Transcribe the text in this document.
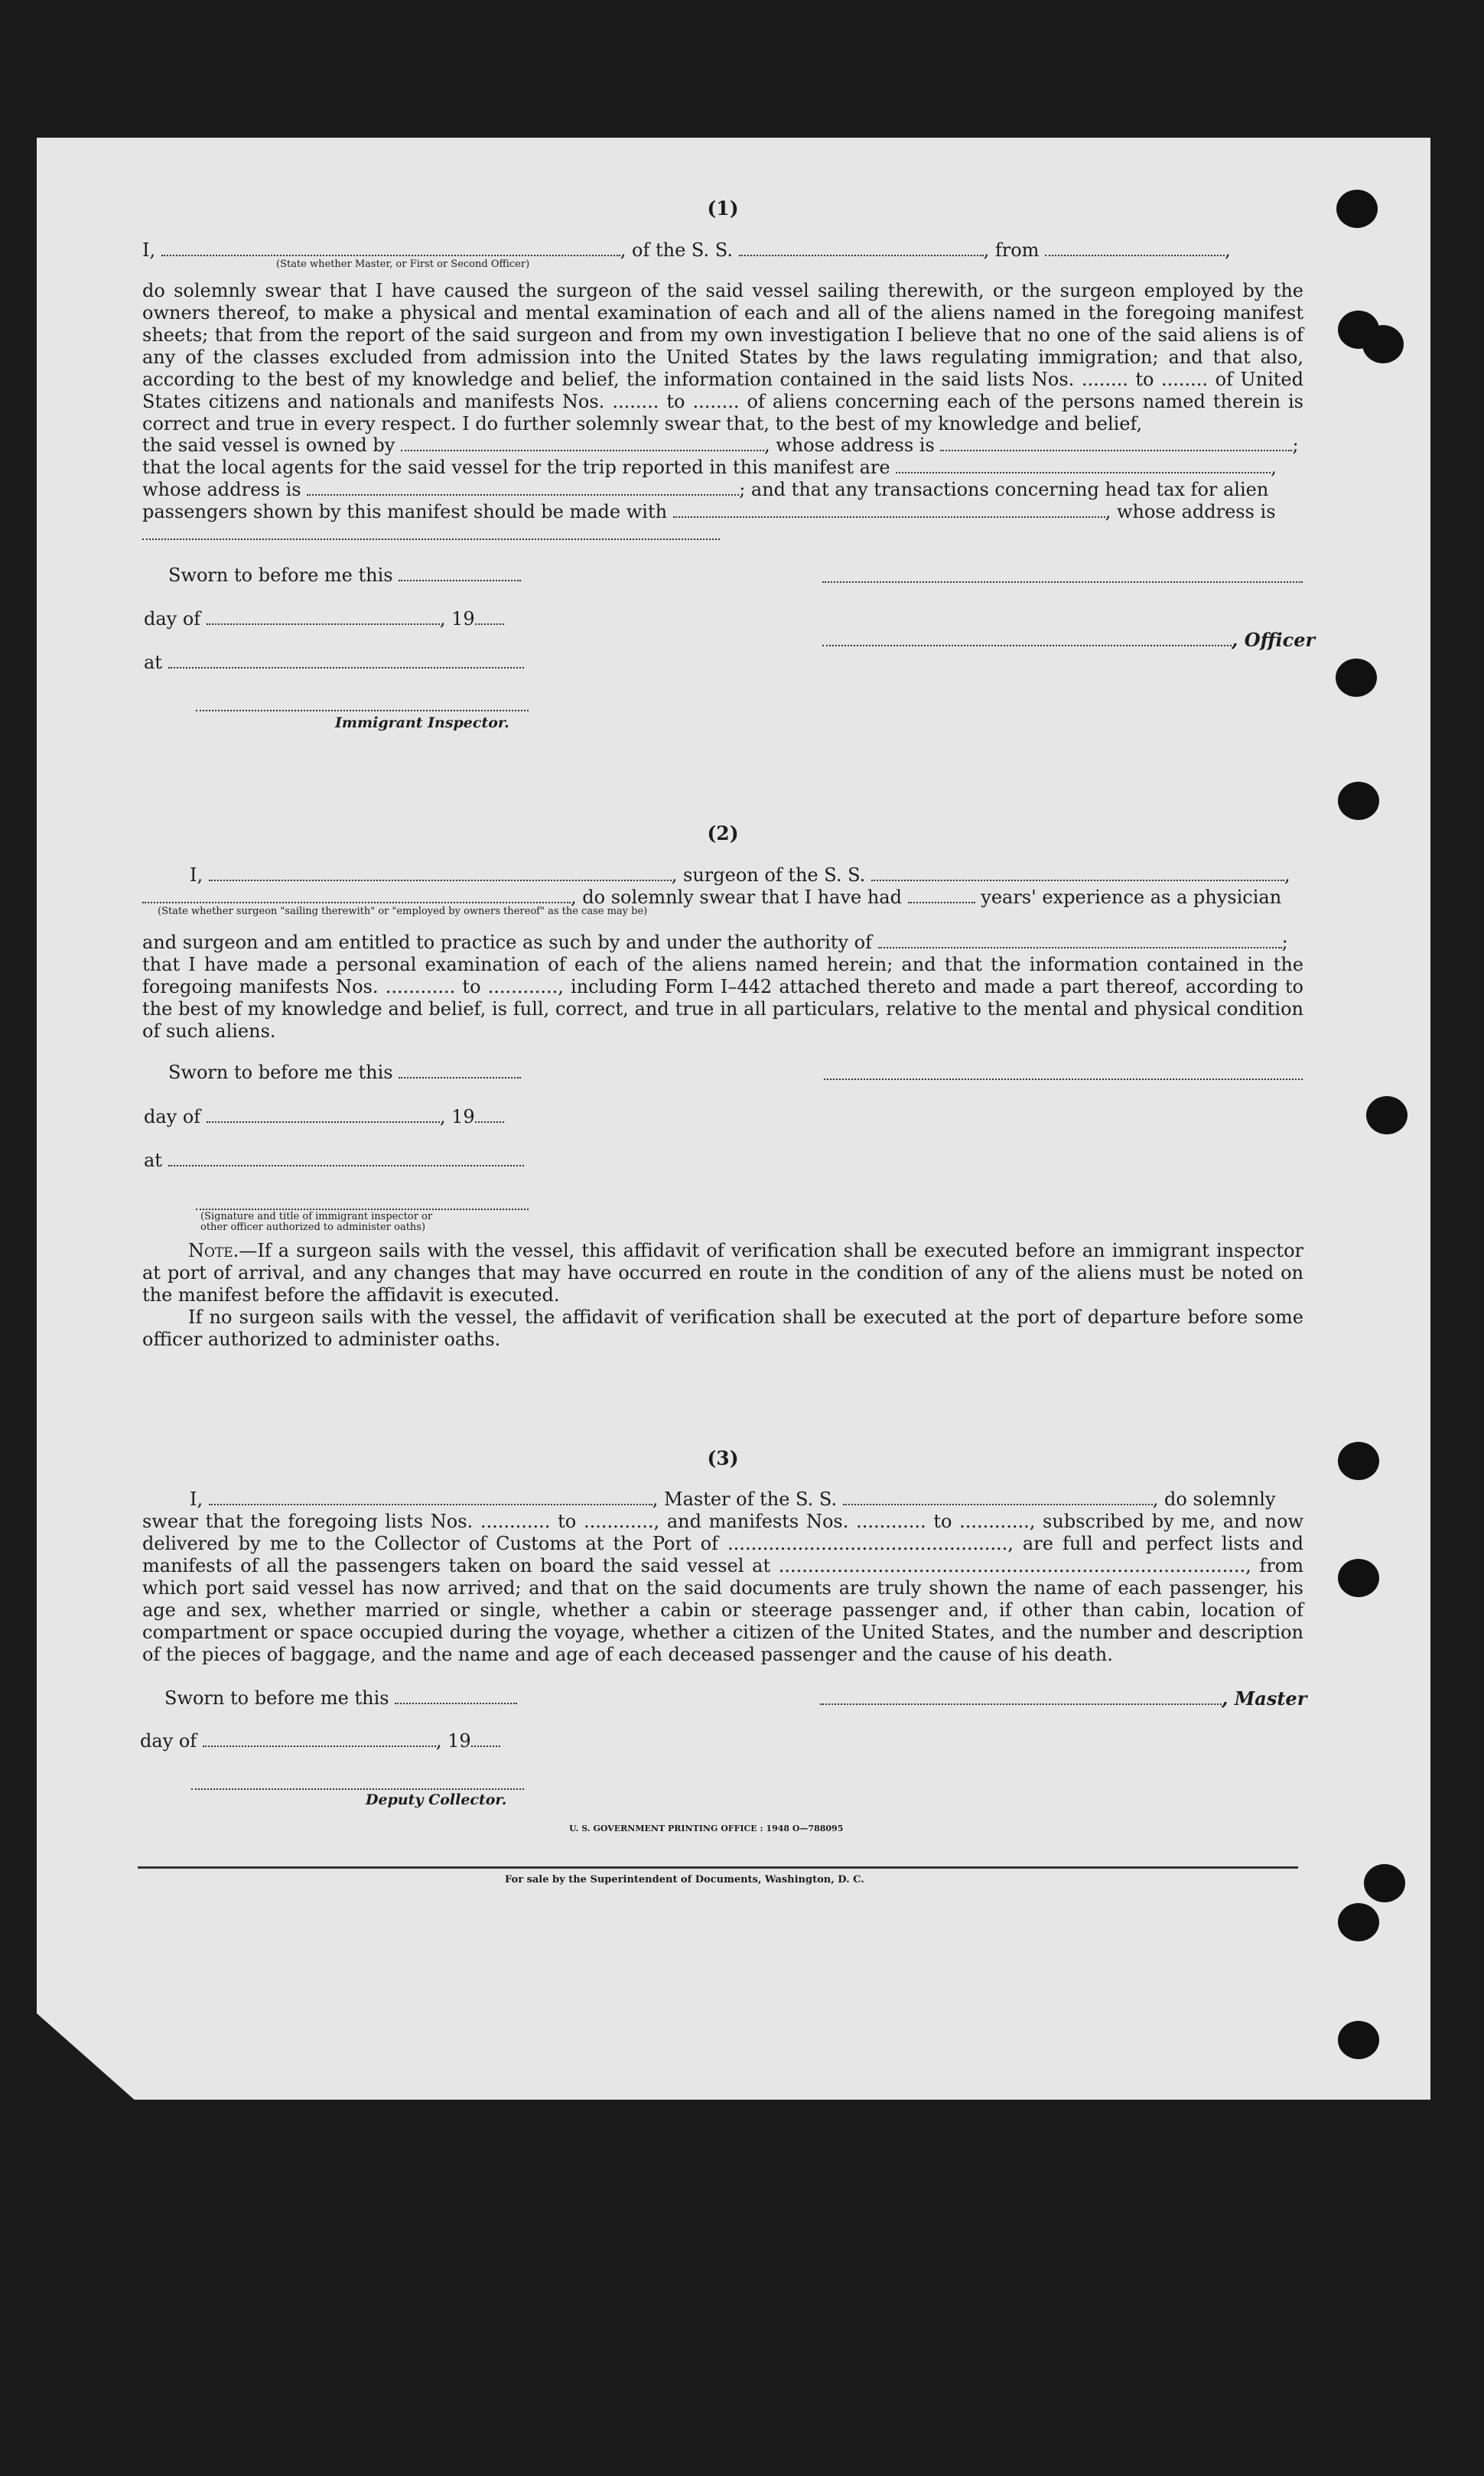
(1)
I,	, of the S. S.	, from	,
(State whether Master, or First or Second Officer)
do solemnly swear that I have caused the surgeon of the said vessel sailing therewith, or the surgeon employed by the owners thereof, to make a physical and mental examination of each and all of the aliens named in the foregoing manifest sheets; that from the report of the said surgeon and from my own investigation I believe that no one of the said aliens is of any of the classes excluded from admission into the United States by the laws regulating immigration; and that also, according to the best of my knowledge and belief, the information contained in the said lists Nos. ........ to ........ of United States citizens and nationals and manifests Nos. ........ to ........ of aliens concerning each of the persons named therein is correct and true in every respect. I do further solemnly swear that, to the best of my knowledge and belief,
the said vessel is owned by	, whose address is	;
that the local agents for the said vessel for the trip reported in this manifest are	,
whose address is	; and that any transactions concerning head tax for alien
passengers shown by this manifest should be made with	, whose address is
Sworn to before me this
day of	, 19
, Officer
at
Immigrant Inspector.
(2)
I,	, surgeon of the S. S.	,
, do solemnly swear that I have had	years' experience as a physician
(State whether surgeon "sailing therewith" or "employed by owners thereof" as the case may be)
and surgeon and am entitled to practice as such by and under the authority of	;
that I have made a personal examination of each of the aliens named herein; and that the information contained in the foregoing manifests Nos. ............ to ............, including Form I–442 attached thereto and made a part thereof, according to the best of my knowledge and belief, is full, correct, and true in all particulars, relative to the mental and physical condition of such aliens.
Sworn to before me this
day of	, 19
at
(Signature and title of immigrant inspector or
other officer authorized to administer oaths)
Note.—If a surgeon sails with the vessel, this affidavit of verification shall be executed before an immigrant inspector at port of arrival, and any changes that may have occurred en route in the condition of any of the aliens must be noted on the manifest before the affidavit is executed.
If no surgeon sails with the vessel, the affidavit of verification shall be executed at the port of departure before some officer authorized to administer oaths.
(3)
I,	, Master of the S. S.	, do solemnly
swear that the foregoing lists Nos. ............ to ............, and manifests Nos. ............ to ............, subscribed by me, and now delivered by me to the Collector of Customs at the Port of ................................................, are full and perfect lists and manifests of all the passengers taken on board the said vessel at ................................................................................, from which port said vessel has now arrived; and that on the said documents are truly shown the name of each passenger, his age and sex, whether married or single, whether a cabin or steerage passenger and, if other than cabin, location of compartment or space occupied during the voyage, whether a citizen of the United States, and the number and description of the pieces of baggage, and the name and age of each deceased passenger and the cause of his death.
Sworn to before me this	, Master
day of	, 19
Deputy Collector.
U. S. GOVERNMENT PRINTING OFFICE : 1948 O—788095
For sale by the Superintendent of Documents, Washington, D. C.
